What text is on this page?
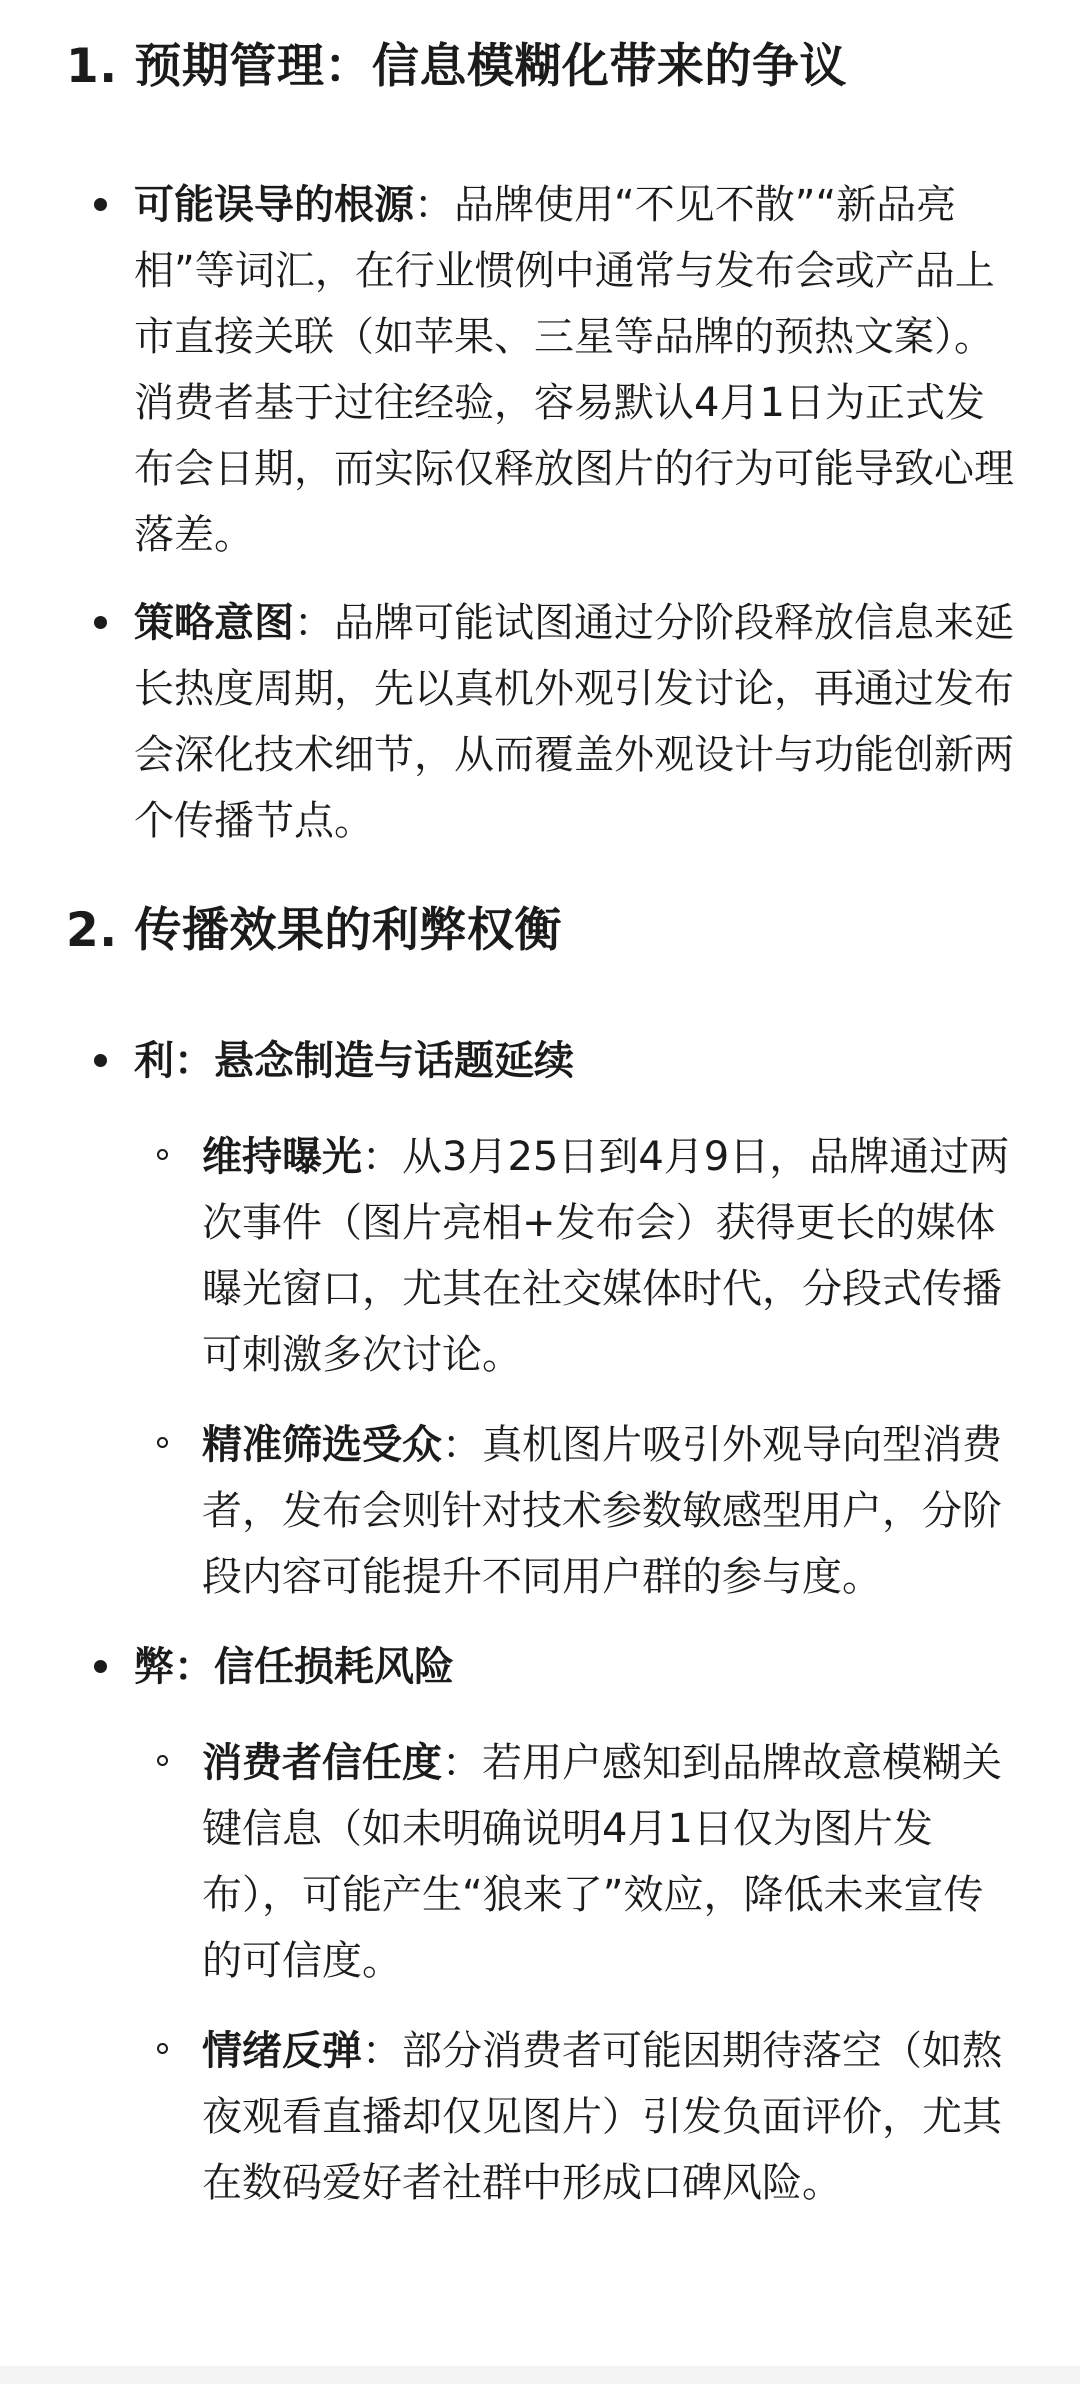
1. 预期管理：信息模糊化带来的争议
可能误导的根源：品牌使用“不见不散”“新品亮相”等词汇，在行业惯例中通常与发布会或产品上市直接关联（如苹果、三星等品牌的预热文案）。消费者基于过往经验，容易默认4月1日为正式发布会日期，而实际仅释放图片的行为可能导致心理落差。
策略意图：品牌可能试图通过分阶段释放信息来延长热度周期，先以真机外观引发讨论，再通过发布会深化技术细节，从而覆盖外观设计与功能创新两个传播节点。
2. 传播效果的利弊权衡
利：悬念制造与话题延续
维持曝光：从3月25日到4月9日，品牌通过两次事件（图片亮相+发布会）获得更长的媒体曝光窗口，尤其在社交媒体时代，分段式传播可刺激多次讨论。
精准筛选受众：真机图片吸引外观导向型消费者，发布会则针对技术参数敏感型用户，分阶段内容可能提升不同用户群的参与度。
弊：信任损耗风险
消费者信任度：若用户感知到品牌故意模糊关键信息（如未明确说明4月1日仅为图片发布），可能产生“狼来了”效应，降低未来宣传的可信度。
情绪反弹：部分消费者可能因期待落空（如熬夜观看直播却仅见图片）引发负面评价，尤其在数码爱好者社群中形成口碑风险。
